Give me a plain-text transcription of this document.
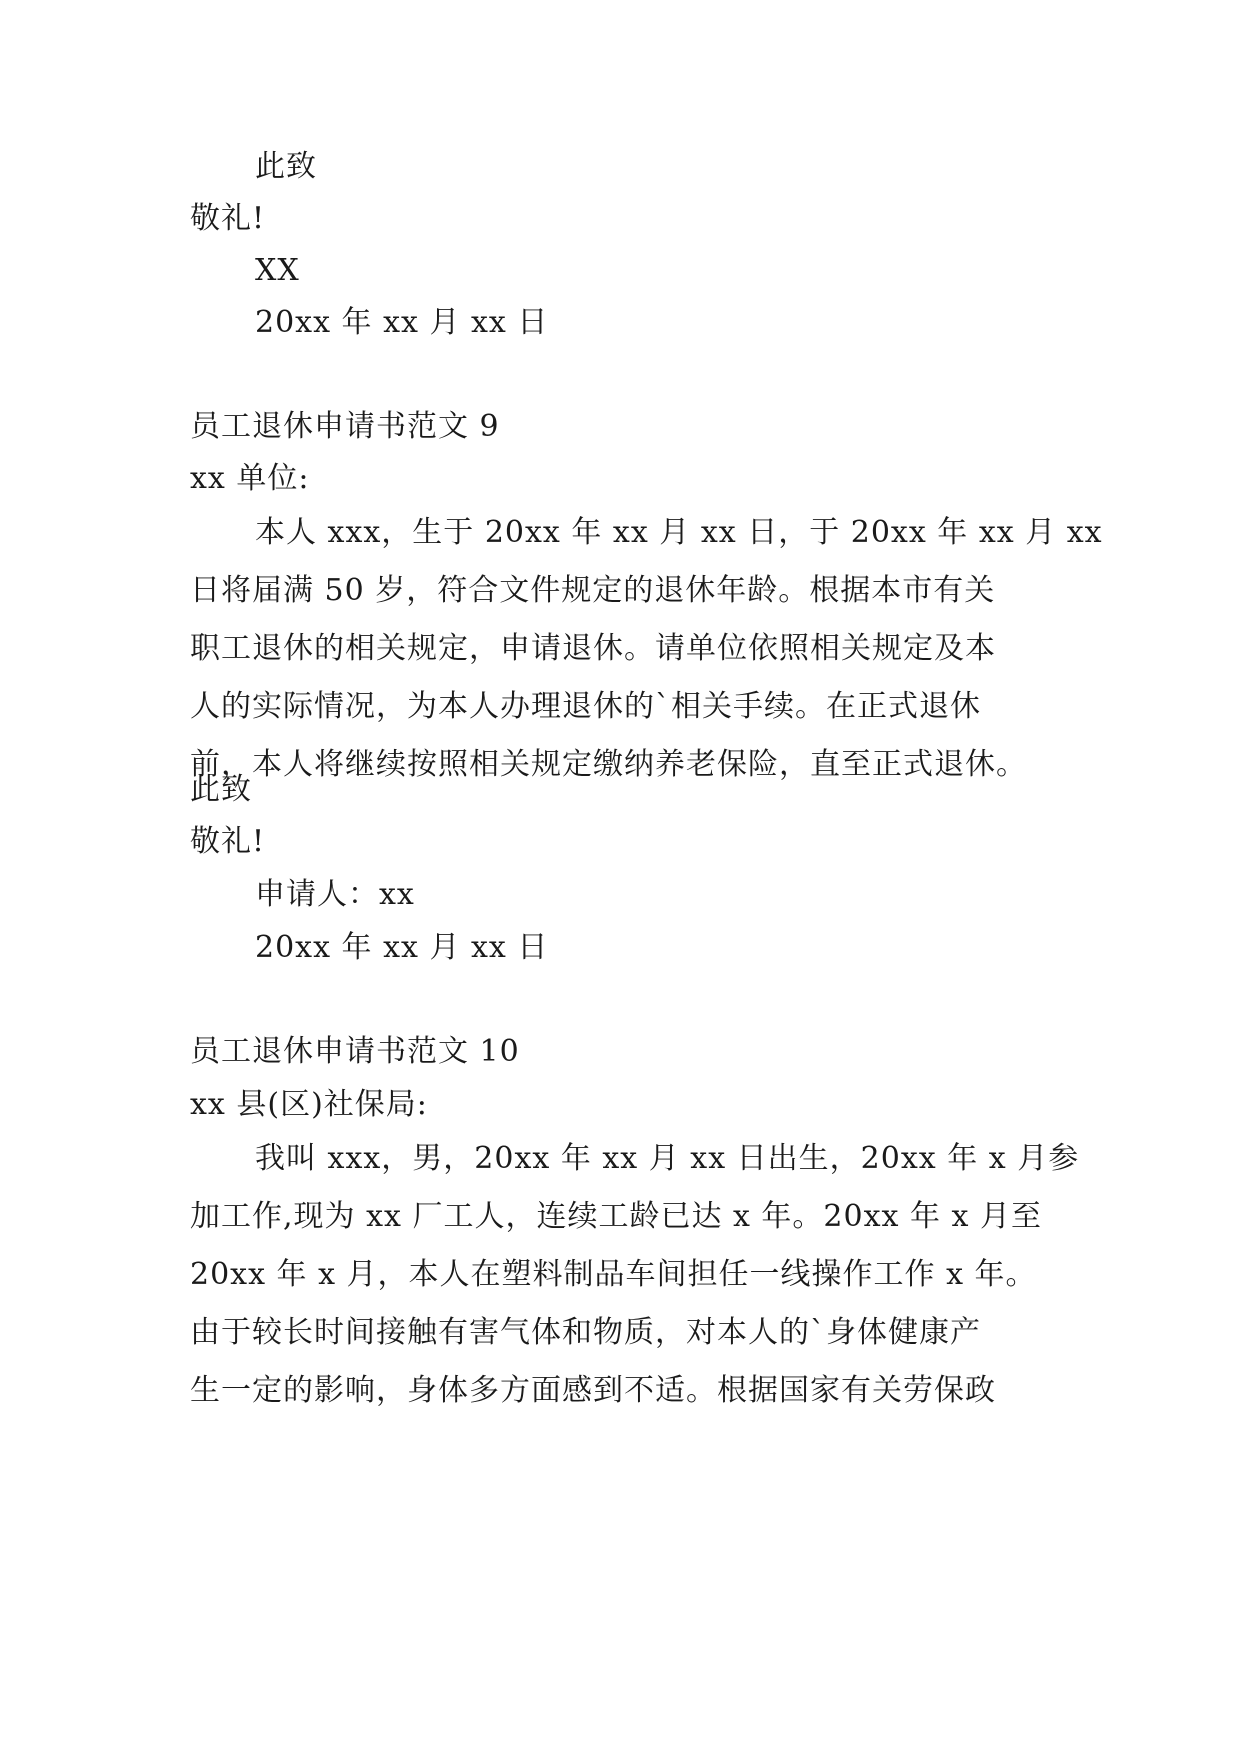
此致
敬礼!
XX
20xx 年 xx 月 xx 日
员工退休申请书范文 9
xx 单位:
本人 xxx，生于 20xx 年 xx 月 xx 日，于 20xx 年 xx 月 xx
日将届满 50 岁，符合文件规定的退休年龄。根据本市有关
职工退休的相关规定，申请退休。请单位依照相关规定及本
人的实际情况，为本人办理退休的`相关手续。在正式退休
前，本人将继续按照相关规定缴纳养老保险，直至正式退休。
此致
敬礼!
申请人：xx
20xx 年 xx 月 xx 日
员工退休申请书范文 10
xx 县(区)社保局:
我叫 xxx，男，20xx 年 xx 月 xx 日出生，20xx 年 x 月参
加工作,现为 xx 厂工人，连续工龄已达 x 年。20xx 年 x 月至
20xx 年 x 月，本人在塑料制品车间担任一线操作工作 x 年。
由于较长时间接触有害气体和物质，对本人的`身体健康产
生一定的影响，身体多方面感到不适。根据国家有关劳保政
